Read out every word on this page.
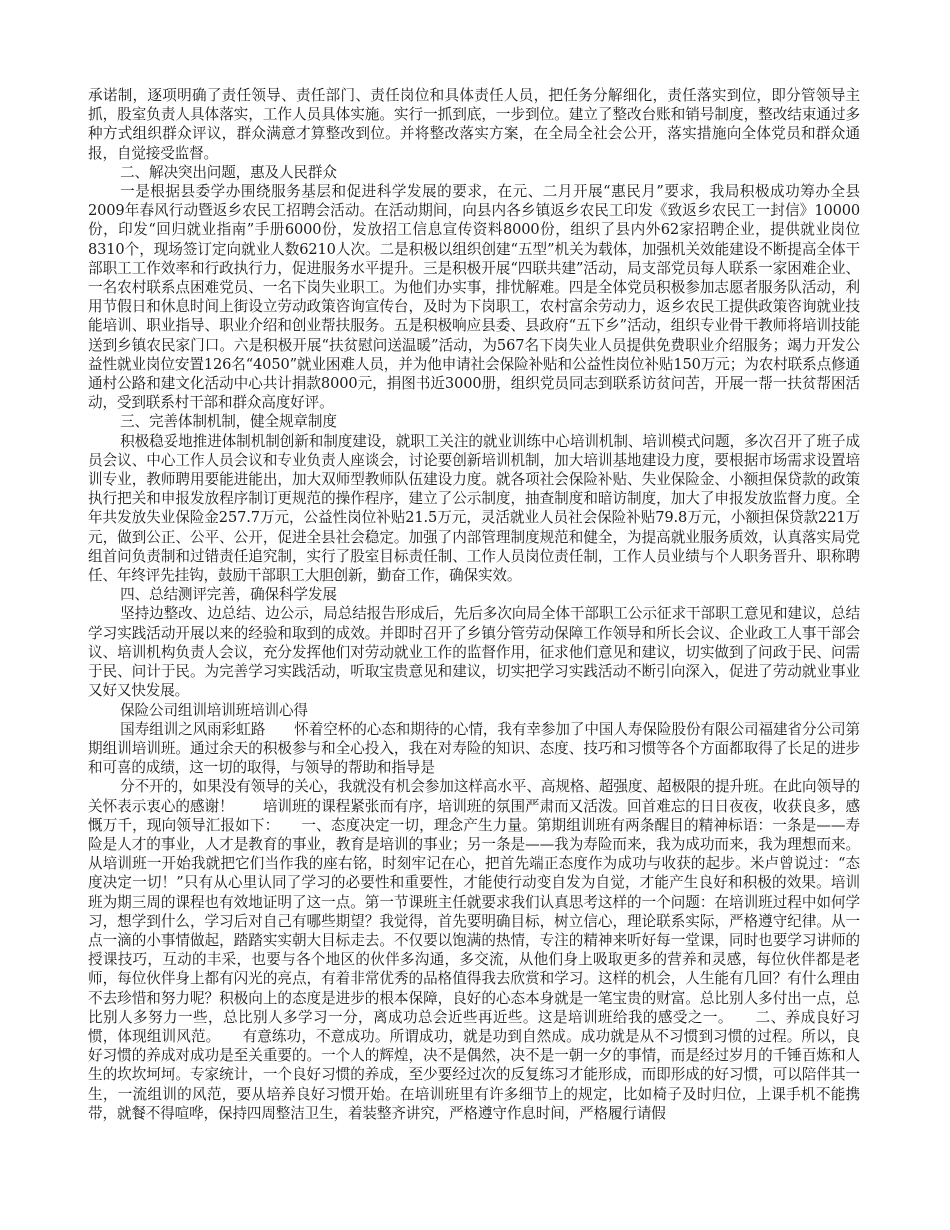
承诺制，逐项明确了责任领导、责任部门、责任岗位和具体责任人员，把任务分解细化，责任落实到位，即分管领导主抓，股室负责人具体落实，工作人员具体实施。实行一抓到底，一步到位。建立了整改台账和销号制度，整改结束通过多种方式组织群众评议，群众满意才算整改到位。并将整改落实方案，在全局全社会公开，落实措施向全体党员和群众通报，自觉接受监督。

二、解决突出问题，惠及人民群众

一是根据县委学办围绕服务基层和促进科学发展的要求，在元、二月开展“惠民月”要求，我局积极成功筹办全县2009年春风行动暨返乡农民工招聘会活动。在活动期间，向县内各乡镇返乡农民工印发《致返乡农民工一封信》10000份，印发“回归就业指南”手册6000份，发放招工信息宣传资料8000份，组织了县内外62家招聘企业，提供就业岗位8310个，现场签订定向就业人数6210人次。二是积极以组织创建“五型”机关为载体，加强机关效能建设不断提高全体干部职工工作效率和行政执行力，促进服务水平提升。三是积极开展“四联共建”活动，局支部党员每人联系一家困难企业、一名农村联系点困难党员、一名下岗失业职工。为他们办实事，排忧解难。四是全体党员积极参加志愿者服务队活动，利用节假日和休息时间上街设立劳动政策咨询宣传台，及时为下岗职工，农村富余劳动力，返乡农民工提供政策咨询就业技能培训、职业指导、职业介绍和创业帮扶服务。五是积极响应县委、县政府“五下乡”活动，组织专业骨干教师将培训技能送到乡镇农民家门口。六是积极开展“扶贫慰问送温暖”活动，为567名下岗失业人员提供免费职业介绍服务；竭力开发公益性就业岗位安置126名“4050”就业困难人员，并为他申请社会保险补贴和公益性岗位补贴150万元；为农村联系点修通通村公路和建文化活动中心共计捐款8000元，捐图书近3000册，组织党员同志到联系访贫问苦，开展一帮一扶贫帮困活动，受到联系村干部和群众高度好评。

三、完善体制机制，健全规章制度

积极稳妥地推进体制机制创新和制度建设，就职工关注的就业训练中心培训机制、培训模式问题，多次召开了班子成员会议、中心工作人员会议和专业负责人座谈会，讨论要创新培训机制，加大培训基地建设力度，要根据市场需求设置培训专业，教师聘用要能进能出，加大双师型教师队伍建设力度。就各项社会保险补贴、失业保险金、小额担保贷款的政策执行把关和申报发放程序制订更规范的操作程序，建立了公示制度，抽查制度和暗访制度，加大了申报发放监督力度。全年共发放失业保险金257.7万元，公益性岗位补贴21.5万元，灵活就业人员社会保险补贴79.8万元，小额担保贷款221万元，做到公正、公平、公开，促进全县社会稳定。加强了内部管理制度规范和健全，为提高就业服务质效，认真落实局党组首问负责制和过错责任追究制，实行了股室目标责任制、工作人员岗位责任制，工作人员业绩与个人职务晋升、职称聘任、年终评先挂钩，鼓励干部职工大胆创新，勤奋工作，确保实效。

四、总结测评完善，确保科学发展

坚持边整改、边总结、边公示，局总结报告形成后，先后多次向局全体干部职工公示征求干部职工意见和建议，总结学习实践活动开展以来的经验和取到的成效。并即时召开了乡镇分管劳动保障工作领导和所长会议、企业政工人事干部会议、培训机构负责人会议，充分发挥他们对劳动就业工作的监督作用，征求他们意见和建议，切实做到了问政于民、问需于民、问计于民。为完善学习实践活动，听取宝贵意见和建议，切实把学习实践活动不断引向深入，促进了劳动就业事业又好又快发展。

保险公司组训培训班培训心得

国寿组训之风雨彩虹路　　怀着空杯的心态和期待的心情，我有幸参加了中国人寿保险股份有限公司福建省分公司第期组训培训班。通过余天的积极参与和全心投入，我在对寿险的知识、态度、技巧和习惯等各个方面都取得了长足的进步和可喜的成绩，这一切的取得，与领导的帮助和指导是

分不开的，如果没有领导的关心，我就没有机会参加这样高水平、高规格、超强度、超极限的提升班。在此向领导的关怀表示衷心的感谢！　　培训班的课程紧张而有序，培训班的氛围严肃而又活泼。回首难忘的日日夜夜，收获良多，感慨万千，现向领导汇报如下：　　一、态度决定一切，理念产生力量。第期组训班有两条醒目的精神标语：一条是——寿险是人才的事业，人才是教育的事业，教育是培训的事业；另一条是——我为寿险而来，我为成功而来，我为理想而来。从培训班一开始我就把它们当作我的座右铭，时刻牢记在心，把首先端正态度作为成功与收获的起步。米卢曾说过：“态度决定一切！”只有从心里认同了学习的必要性和重要性，才能使行动变自发为自觉，才能产生良好和积极的效果。培训班为期三周的课程也有效地证明了这一点。第一节课班主任就要求我们认真思考这样的一个问题：在培训班过程中如何学习，想学到什么，学习后对自己有哪些期望？我觉得，首先要明确目标，树立信心，理论联系实际，严格遵守纪律。从一点一滴的小事情做起，踏踏实实朝大目标走去。不仅要以饱满的热情，专注的精神来听好每一堂课，同时也要学习讲师的授课技巧，互动的丰采，也要与各个地区的伙伴多沟通，多交流，从他们身上吸取更多的营养和灵感，每位伙伴都是老师，每位伙伴身上都有闪光的亮点，有着非常优秀的品格值得我去欣赏和学习。这样的机会，人生能有几回？有什么理由不去珍惜和努力呢？积极向上的态度是进步的根本保障，良好的心态本身就是一笔宝贵的财富。总比别人多付出一点，总比别人多努力一些，总比别人多学习一分，离成功总会近些再近些。这是培训班给我的感受之一。　　二、养成良好习惯，体现组训风范。　　有意练功，不意成功。所谓成功，就是功到自然成。成功就是从不习惯到习惯的过程。所以，良好习惯的养成对成功是至关重要的。一个人的辉煌，决不是偶然，决不是一朝一夕的事情，而是经过岁月的千锤百炼和人生的坎坎坷坷。专家统计，一个良好习惯的养成，至少要经过次的反复练习才能形成，而即形成的好习惯，可以陪伴其一生，一流组训的风范，要从培养良好习惯开始。在培训班里有许多细节上的规定，比如椅子及时归位，上课手机不能携带，就餐不得喧哗，保持四周整洁卫生，着装整齐讲究，严格遵守作息时间，严格履行请假
